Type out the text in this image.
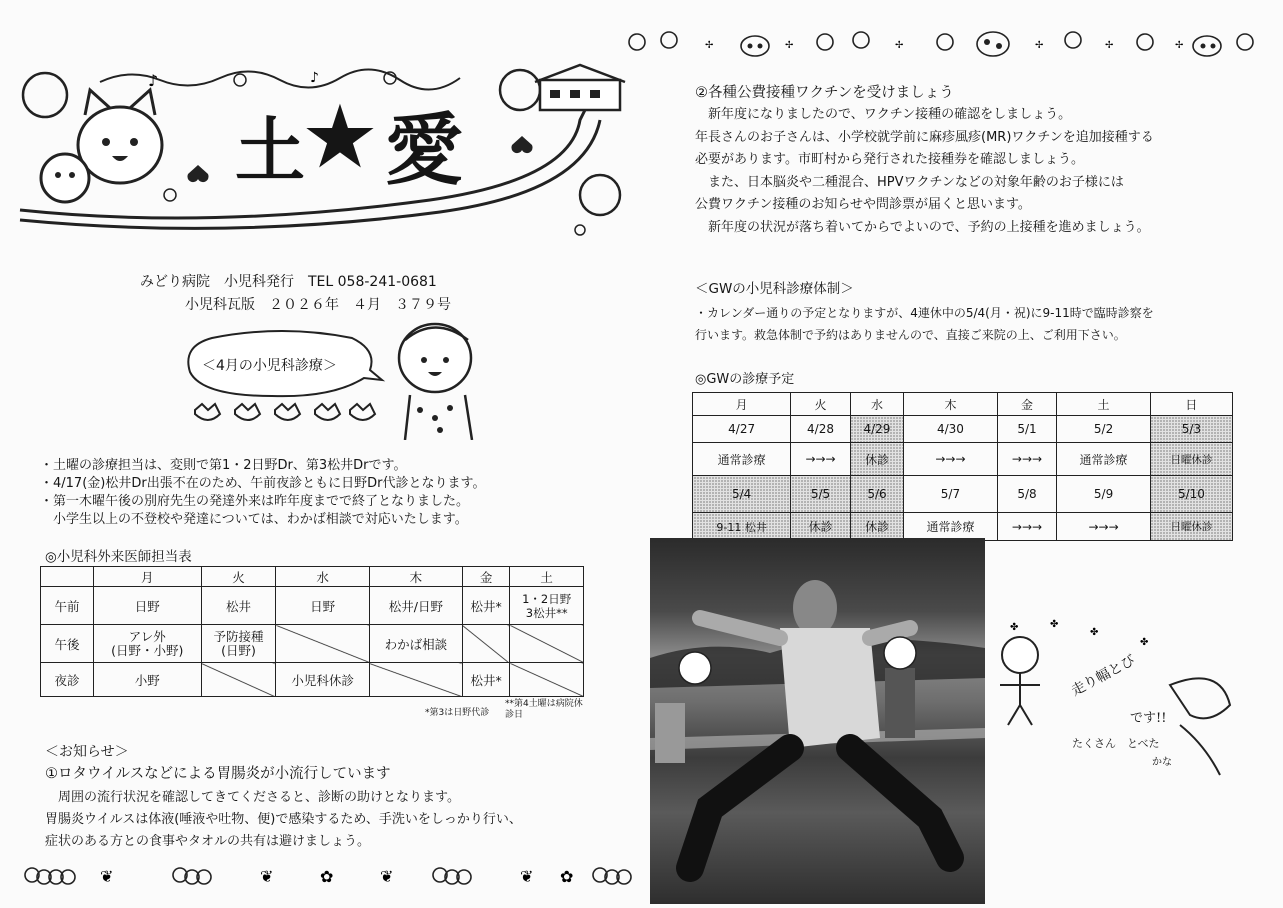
♪	♪
土 ★ 愛
✢	✢	✢	✢	✢	✢
みどり病院　小児科発行　TEL 058-241-0681
小児科瓦版　２０２６年　４月　３７９号
＜4月の小児科診療＞
・土曜の診療担当は、変則で第1・2日野Dr、第3松井Drです。
・4/17(金)松井Dr出張不在のため、午前夜診ともに日野Dr代診となります。
・第一木曜午後の別府先生の発達外来は昨年度までで終了となりました。
　小学生以上の不登校や発達については、わかば相談で対応いたします。
◎小児科外来医師担当表
	月	火	水	木	金	土
午前	日野	松井	日野	松井/日野	松井*	1・2日野
3松井**
午後	アレ外
(日野・小野)	予防接種
(日野)		わかば相談		
夜診	小野		小児科休診		松井*	
*第3は日野代診
**第4土曜は病院休診日
＜お知らせ＞
①ロタウイルスなどによる胃腸炎が小流行しています
　周囲の流行状況を確認してきてくださると、診断の助けとなります。
胃腸炎ウイルスは体液(唾液や吐物、便)で感染するため、手洗いをしっかり行い、
症状のある方との食事やタオルの共有は避けましょう。
❦	❦	✿	❦	❦ ✿
②各種公費接種ワクチンを受けましょう
　新年度になりましたので、ワクチン接種の確認をしましょう。
年長さんのお子さんは、小学校就学前に麻疹風疹(MR)ワクチンを追加接種する
必要があります。市町村から発行された接種券を確認しましょう。
　また、日本脳炎や二種混合、HPVワクチンなどの対象年齢のお子様には
公費ワクチン接種のお知らせや問診票が届くと思います。
　新年度の状況が落ち着いてからでよいので、予約の上接種を進めましょう。
＜GWの小児科診療体制＞
・カレンダー通りの予定となりますが、4連休中の5/4(月・祝)に9-11時で臨時診察を
行います。救急体制で予約はありませんので、直接ご来院の上、ご利用下さい。
◎GWの診療予定
月	火	水	木	金	土	日
4/27	4/28	4/29	4/30	5/1	5/2	5/3
通常診療	→→→	休診	→→→	→→→	通常診療	日曜休診
5/4	5/5	5/6	5/7	5/8	5/9	5/10
9-11 松井	休診	休診	通常診療	→→→	→→→	日曜休診
✤	✤
✤
✤
走り幅とび
です!!
たくさん　とべた
かな
